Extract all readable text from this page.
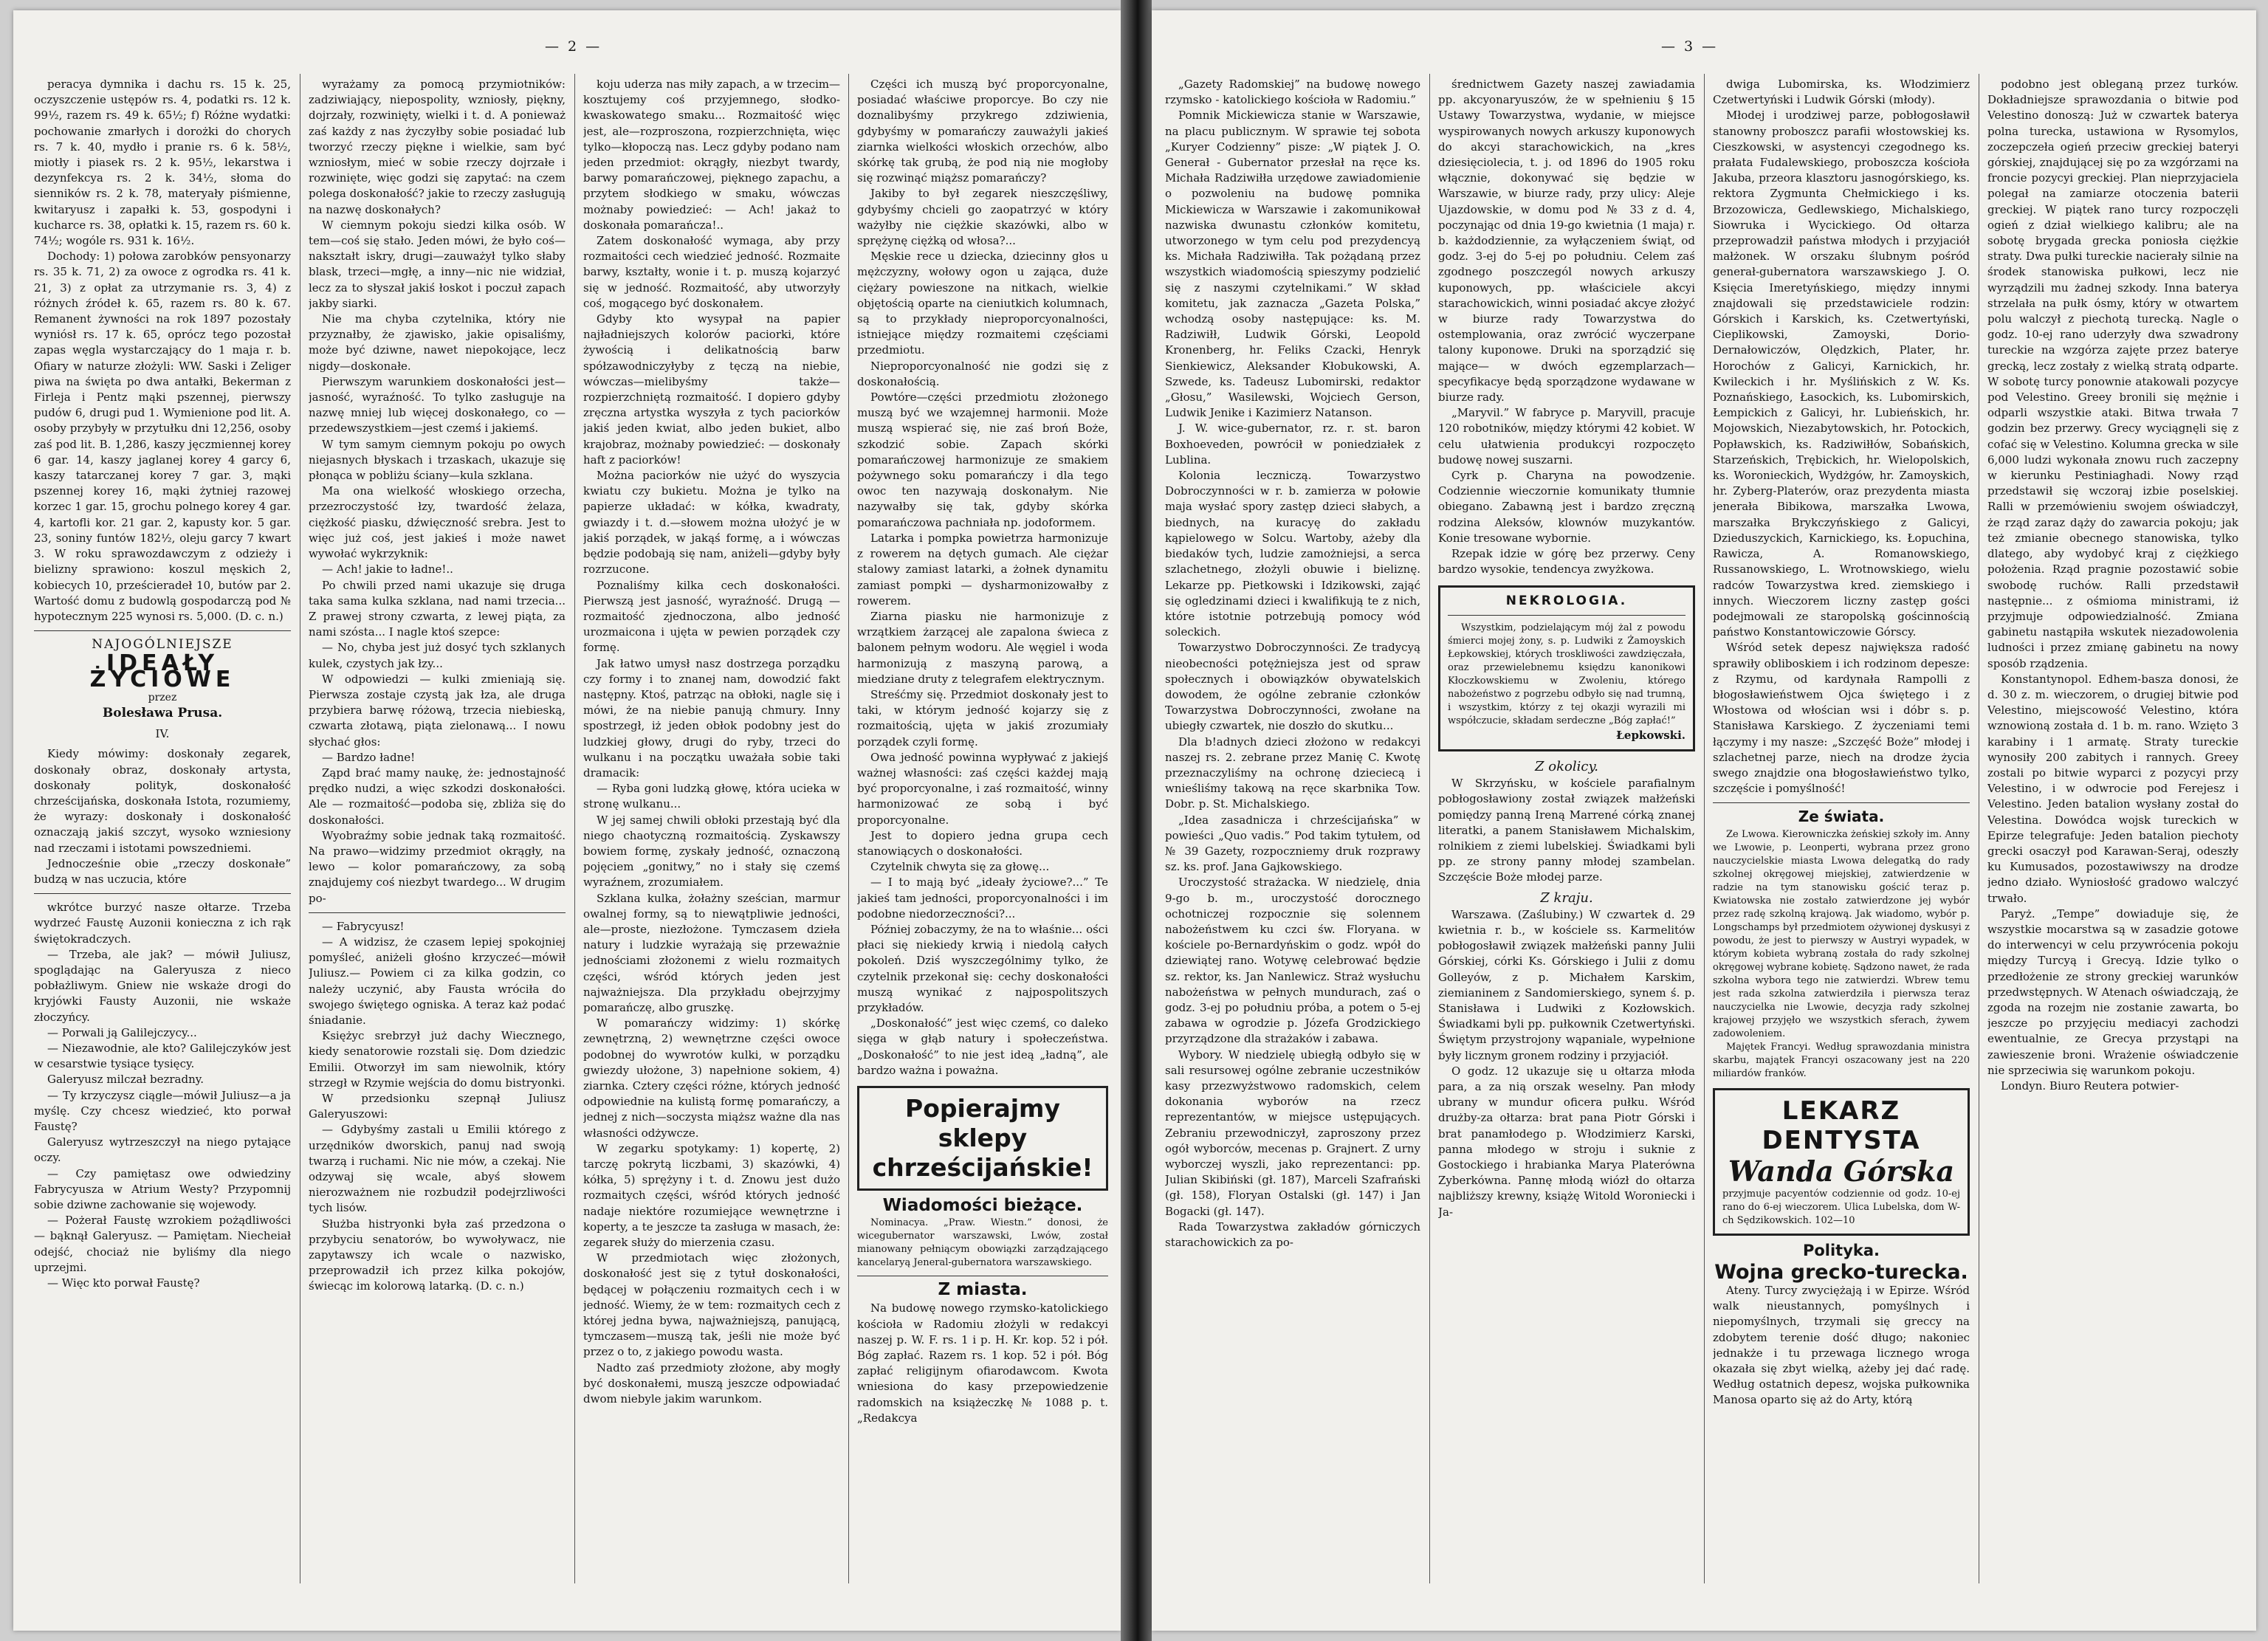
— 2 —

peracya dymnika i dachu rs. 15 k. 25, oczyszczenie ustępów rs. 4, podatki rs. 12 k. 99½, razem rs. 49 k. 65½; f) Różne wydatki: pochowanie zmarłych i dorożki do chorych rs. 7 k. 40, mydło i pranie rs. 6 k. 58½, miotły i piasek rs. 2 k. 95½, lekarstwa i dezynfekcya rs. 2 k. 34½, słoma do sienników rs. 2 k. 78, materyały piśmienne, kwitaryusz i zapałki k. 53, gospodyni i kucharce rs. 38, opłatki k. 15, razem rs. 60 k. 74½; wogóle rs. 931 k. 16½.

Dochody: 1) połowa zarobków pensyonarzy rs. 35 k. 71, 2) za owoce z ogrodka rs. 41 k. 21, 3) z opłat za utrzymanie rs. 3, 4) z różnych źródeł k. 65, razem rs. 80 k. 67. Remanent żywności na rok 1897 pozostały wyniósł rs. 17 k. 65, oprócz tego pozostał zapas węgla wystarczający do 1 maja r. b. Ofiary w naturze złożyli: WW. Saski i Zeliger piwa na święta po dwa antałki, Bekerman z Firleja i Pentz mąki pszennej, pierwszy pudów 6, drugi pud 1. Wymienione pod lit. A. osoby przybyły w przytułku dni 12,256, osoby zaś pod lit. B. 1,286, kaszy jęczmiennej korey 6 gar. 14, kaszy jaglanej korey 4 garcy 6, kaszy tatarczanej korey 7 gar. 3, mąki pszennej korey 16, mąki żytniej razowej korzec 1 gar. 15, grochu polnego korey 4 gar. 4, kartofli kor. 21 gar. 2, kapusty kor. 5 gar. 23, soniny funtów 182½, oleju garcy 7 kwart 3. W roku sprawozdawczym z odzieży i bielizny sprawiono: koszul męskich 2, kobiecych 10, prześcieradeł 10, butów par 2. Wartość domu z budowlą gospodarczą pod № hypotecznym 225 wynosi rs. 5,000. (D. c. n.)

NAJOGÓLNIEJSZE
IDEAŁY ŻYCIOWE
przez
Bolesława Prusa.
IV.

Kiedy mówimy: doskonały zegarek, doskonały obraz, doskonały artysta, doskonały polityk, doskonałość chrześcijańska, doskonała Istota, rozumiemy, że wyrazy: doskonały i doskonałość oznaczają jakiś szczyt, wysoko wzniesiony nad rzeczami i istotami powszedniemi.

Jednocześnie obie „rzeczy doskonałe” budzą w nas uczucia, które

wkrótce burzyć nasze ołtarze. Trzeba wydrzeć Faustę Auzonii konieczna z ich rąk świętokradczych.

— Trzeba, ale jak? — mówił Juliusz, spoglądając na Galeryusza z nieco pobłażliwym. Gniew nie wskaże drogi do kryjówki Fausty Auzonii, nie wskaże złoczyńcy.

— Porwali ją Galilejczycy...

— Niezawodnie, ale kto? Galilejczyków jest w cesarstwie tysiące tysięcy.

Galeryusz milczał bezradny.

— Ty krzyczysz ciągle—mówił Juliusz—a ja myślę. Czy chcesz wiedzieć, kto porwał Faustę?

Galeryusz wytrzeszczył na niego pytające oczy.

— Czy pamiętasz owe odwiedziny Fabrycyusza w Atrium Westy? Przypomnij sobie dziwne zachowanie się wojewody.

— Pożerał Faustę wzrokiem pożądliwości — bąknął Galeryusz. — Pamiętam. Niecheiał odejść, chociaż nie byliśmy dla niego uprzejmi.

— Więc kto porwał Faustę?

wyrażamy za pomocą przymiotników: zadziwiający, niepospolity, wzniosły, piękny, dojrzały, rozwinięty, wielki i t. d. A ponieważ zaś każdy z nas życzyłby sobie posiadać lub tworzyć rzeczy piękne i wielkie, sam być wzniosłym, mieć w sobie rzeczy dojrzałe i rozwinięte, więc godzi się zapytać: na czem polega doskonałość? jakie to rzeczy zasługują na nazwę doskonałych?

W ciemnym pokoju siedzi kilka osób. W tem—coś się stało. Jeden mówi, że było coś—nakształt iskry, drugi—zauważył tylko słaby blask, trzeci—mgłę, a inny—nic nie widział, lecz za to słyszał jakiś łoskot i poczuł zapach jakby siarki.

Nie ma chyba czytelnika, który nie przyznałby, że zjawisko, jakie opisaliśmy, może być dziwne, nawet niepokojące, lecz nigdy—doskonałe.

Pierwszym warunkiem doskonałości jest—jasność, wyraźność. To tylko zasługuje na nazwę mniej lub więcej doskonałego, co — przedewszystkiem—jest czemś i jakiemś.

W tym samym ciemnym pokoju po owych niejasnych błyskach i trzaskach, ukazuje się płonąca w pobliżu ściany—kula szklana.

Ma ona wielkość włoskiego orzecha, przezroczystość łzy, twardość żelaza, ciężkość piasku, dźwięczność srebra. Jest to więc już coś, jest jakieś i może nawet wywołać wykrzyknik:

— Ach! jakie to ładne!..

Po chwili przed nami ukazuje się druga taka sama kulka szklana, nad nami trzecia... Z prawej strony czwarta, z lewej piąta, za nami szósta... I nagle ktoś szepce:

— No, chyba jest już dosyć tych szklanych kulek, czystych jak łzy...

W odpowiedzi — kulki zmieniają się. Pierwsza zostaje czystą jak łza, ale druga przybiera barwę różową, trzecia niebieską, czwarta złotawą, piąta zielonawą... I nowu słychać głos:

— Bardzo ładne!

Ząpd brać mamy naukę, że: jednostajność prędko nudzi, a więc szkodzi doskonałości. Ale — rozmaitość—podoba się, zbliża się do doskonałości.

Wyobraźmy sobie jednak taką rozmaitość. Na prawo—widzimy przedmiot okrągły, na lewo — kolor pomarańczowy, za sobą znajdujemy coś niezbyt twardego... W drugim po-

— Fabrycyusz!

— A widzisz, że czasem lepiej spokojniej pomyśleć, aniżeli głośno krzyczeć—mówił Juliusz.— Powiem ci za kilka godzin, co należy uczynić, aby Fausta wróciła do swojego świętego ogniska. A teraz każ podać śniadanie.

Księżyc srebrzył już dachy Wiecznego, kiedy senatorowie rozstali się. Dom dziedzic Emilii. Otworzył im sam niewolnik, który strzegł w Rzymie wejścia do domu bistryonki.

W przedsionku szepnął Juliusz Galeryuszowi:

— Gdybyśmy zastali u Emilii którego z urzędników dworskich, panuj nad swoją twarzą i ruchami. Nic nie mów, a czekaj. Nie odzywaj się wcale, abyś słowem nierozważnem nie rozbudził podejrzliwości tych lisów.

Służba histryonki była zaś przedzona o przybyciu senatorów, bo wywoływacz, nie zapytawszy ich wcale o nazwisko, przeprowadził ich przez kilka pokojów, świecąc im kolorową latarką. (D. c. n.)

koju uderza nas miły zapach, a w trzecim—kosztujemy coś przyjemnego, słodko-kwaskowatego smaku... Rozmaitość więc jest, ale—rozproszona, rozpierzchnięta, więc tylko—kłopoczą nas. Lecz gdyby podano nam jeden przedmiot: okrągły, niezbyt twardy, barwy pomarańczowej, pięknego zapachu, a przytem słodkiego w smaku, wówczas możnaby powiedzieć: — Ach! jakaż to doskonała pomarańcza!..

Zatem doskonałość wymaga, aby przy rozmaitości cech wiedzieć jedność. Rozmaite barwy, kształty, wonie i t. p. muszą kojarzyć się w jedność. Rozmaitość, aby utworzyły coś, mogącego być doskonałem.

Gdyby kto wysypał na papier najładniejszych kolorów paciorki, które żywością i delikatnością barw spółzawodniczyłyby z tęczą na niebie, wówczas—mielibyśmy także—rozpierzchniętą rozmaitość. I dopiero gdyby zręczna artystka wyszyła z tych paciorków jakiś jeden kwiat, albo jeden bukiet, albo krajobraz, możnaby powiedzieć: — doskonały haft z paciorków!

Można paciorków nie użyć do wyszycia kwiatu czy bukietu. Można je tylko na papierze układać: w kółka, kwadraty, gwiazdy i t. d.—słowem można ułożyć je w jakiś porządek, w jakąś formę, a i wówczas będzie podobają się nam, aniżeli—gdyby były rozrzucone.

Poznaliśmy kilka cech doskonałości. Pierwszą jest jasność, wyraźność. Drugą — rozmaitość zjednoczona, albo jedność urozmaicona i ujęta w pewien porządek czy formę.

Jak łatwo umysł nasz dostrzega porządku czy formy i to znanej nam, dowodzić fakt następny. Ktoś, patrząc na obłoki, nagle się i mówi, że na niebie panują chmury. Inny spostrzegł, iż jeden obłok podobny jest do ludzkiej głowy, drugi do ryby, trzeci do wulkanu i na początku uważała sobie taki dramacik:

— Ryba goni ludzką głowę, która ucieka w stronę wulkanu...

W jej samej chwili obłoki przestają być dla niego chaotyczną rozmaitością. Zyskawszy bowiem formę, zyskały jedność, oznaczoną pojęciem „gonitwy,” no i stały się czemś wyraźnem, zrozumiałem.

Szklana kulka, żołażny sześcian, marmur owalnej formy, są to niewątpliwie jedności, ale—proste, niezłożone. Tymczasem dzieła natury i ludzkie wyrażają się przeważnie jednościami złożonemi z wielu rozmaitych części, wśród których jeden jest najważniejsza. Dla przykładu obejrzyjmy pomarańczę, albo gruszkę.

W pomarańczy widzimy: 1) skórkę zewnętrzną, 2) wewnętrzne części owoce podobnej do wywrotów kulki, w porządku gwiezdy ułożone, 3) napełnione sokiem, 4) ziarnka. Cztery części różne, których jedność odpowiednie na kulistą formę pomarańczy, a jednej z nich—soczysta miąższ ważne dla nas własności odżywcze.

W zegarku spotykamy: 1) kopertę, 2) tarczę pokrytą liczbami, 3) skazówki, 4) kółka, 5) sprężyny i t. d. Znowu jest dużo rozmaitych części, wśród których jedność nadaje niektóre rozumiejące wewnętrzne i koperty, a te jeszcze ta zasługa w masach, że: zegarek służy do mierzenia czasu.

W przedmiotach więc złożonych, doskonałość jest się z tytuł doskonałości, będącej w połączeniu rozmaitych cech i w jedność. Wiemy, że w tem: rozmaitych cech z której jedna bywa, najważniejszą, panującą, tymczasem—muszą tak, jeśli nie może być przez o to, z jakiego powodu wasta.

Nadto zaś przedmioty złożone, aby mogły być doskonałemi, muszą jeszcze odpowiadać dwom niebyle jakim warunkom.

Części ich muszą być proporcyonalne, posiadać właściwe proporcye. Bo czy nie doznalibyśmy przykrego zdziwienia, gdybyśmy w pomarańczy zauważyli jakieś ziarnka wielkości włoskich orzechów, albo skórkę tak grubą, że pod nią nie mogłoby się rozwinąć miąższ pomarańczy?

Jakiby to był zegarek nieszczęśliwy, gdybyśmy chcieli go zaopatrzyć w który ważyłby nie ciężkie skazówki, albo w sprężynę ciężką od włosa?...

Męskie rece u dziecka, dziecinny głos u mężczyzny, wołowy ogon u zająca, duże ciężary powieszone na nitkach, wielkie objętością oparte na cieniutkich kolumnach, są to przykłady nieproporcyonalności, istniejące między rozmaitemi częściami przedmiotu.

Nieproporcyonalność nie godzi się z doskonałością.

Powtóre—części przedmiotu złożonego muszą być we wzajemnej harmonii. Może muszą wspierać się, nie zaś broń Boże, szkodzić sobie. Zapach skórki pomarańczowej harmonizuje ze smakiem pożywnego soku pomarańczy i dla tego owoc ten nazywają doskonałym. Nie nazywałby się tak, gdyby skórka pomarańczowa pachniała np. jodoformem.

Latarka i pompka powietrza harmonizuje z rowerem na dętych gumach. Ale ciężar stalowy zamiast latarki, a żołnek dynamitu zamiast pompki — dysharmonizowałby z rowerem.

Ziarna piasku nie harmonizuje z wrzątkiem żarzącej ale zapalona świeca z balonem pełnym wodoru. Ale węgiel i woda harmonizują z maszyną parową, a miedziane druty z telegrafem elektrycznym.

Streśćmy się. Przedmiot doskonały jest to taki, w którym jedność kojarzy się z rozmaitością, ujęta w jakiś zrozumiały porządek czyli formę.

Owa jedność powinna wypływać z jakiejś ważnej własności: zaś części każdej mają być proporcyonalne, i zaś rozmaitość, winny harmonizować ze sobą i być proporcyonalne.

Jest to dopiero jedna grupa cech stanowiących o doskonałości.

Czytelnik chwyta się za głowę...

— I to mają być „ideały życiowe?...” Te jakieś tam jedności, proporcyonalności i im podobne niedorzeczności?...

Później zobaczymy, że na to właśnie... ości płaci się niekiedy krwią i niedolą całych pokoleń. Dziś wyszczególnimy tylko, że czytelnik przekonał się: cechy doskonałości muszą wynikać z najpospolitszych przykładów.

„Doskonałość” jest więc czemś, co daleko sięga w głąb natury i społeczeństwa. „Doskonałość” to nie jest ideą „ładną”, ale bardzo ważna i poważna.

Popierajmy sklepy chrześcijańskie!
Wiadomości bieżące.

Nominacya. „Praw. Wiestn.” donosi, że wicegubernator warszawski, Lwów, został mianowany pełniącym obowiązki zarządzającego kancelaryą Jeneral-gubernatora warszawskiego.

Z miasta.

Na budowę nowego rzymsko-katolickiego kościoła w Radomiu złożyli w redakcyi naszej p. W. F. rs. 1 i p. H. Kr. kop. 52 i pół. Bóg zapłać. Razem rs. 1 kop. 52 i pół. Bóg zapłać religijnym ofiarodawcom. Kwota wniesiona do kasy przepowiedzenie radomskich na książeczkę № 1088 p. t. „Redakcya

— 3 —

„Gazety Radomskiej” na budowę nowego rzymsko - katolickiego kościoła w Radomiu.”

Pomnik Mickiewicza stanie w Warszawie, na placu publicznym. W sprawie tej sobota „Kuryer Codzienny” pisze: „W piątek J. O. Generał - Gubernator przesłał na ręce ks. Michała Radziwiłła urzędowe zawiadomienie o pozwoleniu na budowę pomnika Mickiewicza w Warszawie i zakomunikował nazwiska dwunastu członków komitetu, utworzonego w tym celu pod prezydencyą ks. Michała Radziwiłła. Tak pożądaną przez wszystkich wiadomością spieszymy podzielić się z naszymi czytelnikami.” W skład komitetu, jak zaznacza „Gazeta Polska,” wchodzą osoby następujące: ks. M. Radziwiłł, Ludwik Górski, Leopold Kronenberg, hr. Feliks Czacki, Henryk Sienkiewicz, Aleksander Kłobukowski, A. Szwede, ks. Tadeusz Lubomirski, redaktor „Głosu,” Wasilewski, Wojciech Gerson, Ludwik Jenike i Kazimierz Natanson.

J. W. wice-gubernator, rz. r. st. baron Boxhoeveden, powrócił w poniedziałek z Lublina.

Kolonia leczniczą. Towarzystwo Dobroczynności w r. b. zamierza w połowie maja wysłać spory zastęp dzieci słabych, a biednych, na kuracyę do zakładu kąpielowego w Solcu. Wartoby, ażeby dla biedaków tych, ludzie zamożniejsi, a serca szlachetnego, złożyli obuwie i bieliznę. Lekarze pp. Pietkowski i Idzikowski, zająć się ogledzinami dzieci i kwalifikują te z nich, które istotnie potrzebują pomocy wód soleckich.

Towarzystwo Dobroczynności. Ze tradycyą nieobecności potężniejsza jest od spraw społecznych i obowiązków obywatelskich dowodem, że ogólne zebranie członków Towarzystwa Dobroczynności, zwołane na ubiegły czwartek, nie doszło do skutku...

Dla b!adnych dzieci złożono w redakcyi naszej rs. 2. zebrane przez Manię C. Kwotę przeznaczyliśmy na ochronę dzieciecą i wnieśliśmy takową na ręce skarbnika Tow. Dobr. p. St. Michalskiego.

„Idea zasadnicza i chrześcijańska” w powieści „Quo vadis.” Pod takim tytułem, od № 39 Gazety, rozpoczniemy druk rozprawy sz. ks. prof. Jana Gajkowskiego.

Uroczystość strażacka. W niedzielę, dnia 9-go b. m., uroczystość dorocznego ochotniczej rozpocznie się solennem nabożeństwem ku czci św. Floryana. w kościele po-Bernardyńskim o godz. wpół do dziewiątej rano. Wotywę celebrować będzie sz. rektor, ks. Jan Nanlewicz. Straż wysłuchu nabożeństwa w pełnych mundurach, zaś o godz. 3-ej po południu próba, a potem o 5-ej zabawa w ogrodzie p. Józefa Grodzickiego przyrządzone dla strażaków i zabawa.

Wybory. W niedzielę ubiegłą odbyło się w sali resursowej ogólne zebranie uczestników kasy przezwyżstwowo radomskich, celem dokonania wyborów na rzecz reprezentantów, w miejsce ustępujących. Zebraniu przewodniczył, zaproszony przez ogół wyborców, mecenas p. Grajnert. Z urny wyborczej wyszli, jako reprezentanci: pp. Julian Skibiński (gł. 187), Marceli Szafrański (gł. 158), Floryan Ostalski (gł. 147) i Jan Bogacki (gł. 147).

Rada Towarzystwa zakładów górniczych starachowickich za po-

średnictwem Gazety naszej zawiadamia pp. akcyonaryuszów, że w spełnieniu § 15 Ustawy Towarzystwa, wydanie, w miejsce wyspirowanych nowych arkuszy kuponowych do akcyi starachowickich, na „kres dziesięciolecia, t. j. od 1896 do 1905 roku włącznie, dokonywać się będzie w Warszawie, w biurze rady, przy ulicy: Aleje Ujazdowskie, w domu pod № 33 z d. 4, poczynając od dnia 19-go kwietnia (1 maja) r. b. każdodziennie, za wyłączeniem świąt, od godz. 3-ej do 5-ej po południu. Celem zaś zgodnego poszczegól nowych arkuszy kuponowych, pp. właściciele akcyi starachowickich, winni posiadać akcye złożyć w biurze rady Towarzystwa do ostemplowania, oraz zwrócić wyczerpane talony kuponowe. Druki na sporządzić się mające— w dwóch egzemplarzach—specyfikacye będą sporządzone wydawane w biurze rady.

„Maryvil.” W fabryce p. Maryvill, pracuje 120 robotników, między którymi 42 kobiet. W celu ułatwienia produkcyi rozpoczęto budowę nowej suszarni.

Cyrk p. Charyna na powodzenie. Codziennie wieczornie komunikaty tłumnie obiegano. Zabawną jest i bardzo zręczną rodzina Aleksów, klownów muzykantów. Konie tresowane wybornie.

Rzepak idzie w górę bez przerwy. Ceny bardzo wysokie, tendencya zwyżkowa.

NEKROLOGIA.

Wszystkim, podzielającym mój żal z powodu śmierci mojej żony, s. p. Ludwiki z Żamoyskich Łepkowskiej, których troskliwości zawdzięczała, oraz przewielebnemu księdzu kanonikowi Kłoczkowskiemu w Zwoleniu, którego nabożeństwo z pogrzebu odbyło się nad trumną, i wszystkim, którzy z tej okazji wyrazili mi współczucie, składam serdeczne „Bóg zapłać!”

Łepkowski.
Z okolicy.

W Skrzyńsku, w kościele parafialnym pobłogosławiony został związek małżeński pomiędzy panną Ireną Marrené córką znanej literatki, a panem Stanisławem Michalskim, rolnikiem z ziemi lubelskiej. Świadkami byli pp. ze strony panny młodej szambelan. Szczęście Boże młodej parze.

Z kraju.

Warszawa. (Zaślubiny.) W czwartek d. 29 kwietnia r. b., w kościele ss. Karmelitów pobłogosławił związek małżeński panny Julii Górskiej, córki Ks. Górskiego i Julii z domu Golleyów, z p. Michałem Karskim, ziemianinem z Sandomierskiego, synem ś. p. Stanisława i Ludwiki z Kozłowskich. Świadkami byli pp. pułkownik Czetwertyński. Świętym przystrojony wąpaniale, wypełnione były licznym gronem rodziny i przyjaciół.

O godz. 12 ukazuje się u ołtarza młoda para, a za nią orszak weselny. Pan młody ubrany w mundur oficera pułku. Wśród drużby-za ołtarza: brat pana Piotr Górski i brat panamłodego p. Włodzimierz Karski, panna młodego w stroju i suknie z Gostockiego i hrabianka Marya Platerówna Zyberkówna. Pannę młodą wiózł do ołtarza najbliższy krewny, książę Witold Woroniecki i Ja-

dwiga Lubomirska, ks. Włodzimierz Czetwertyński i Ludwik Górski (młody).

Młodej i urodziwej parze, pobłogosławił stanowny proboszcz parafii włostowskiej ks. Cieszkowski, w asystencyi czegodnego ks. prałata Fudalewskiego, proboszcza kościoła Jakuba, przeora klasztoru jasnogórskiego, ks. rektora Zygmunta Chełmickiego i ks. Brzozowicza, Gedlewskiego, Michalskiego, Siowruka i Wycickiego. Od ołtarza przeprowadził państwa młodych i przyjaciół małżonek. W orszaku ślubnym pośród generał-gubernatora warszawskiego J. O. Księcia Imeretyńskiego, między innymi znajdowali się przedstawiciele rodzin: Górskich i Karskich, ks. Czetwertyński, Cieplikowski, Zamoyski, Dorio-Dernałowiczów, Olędzkich, Plater, hr. Horochów z Galicyi, Karnickich, hr. Kwileckich i hr. Myślińskich z W. Ks. Poznańskiego, Łasockich, ks. Lubomirskich, Łempickich z Galicyi, hr. Lubieńskich, hr. Mojowskich, Niezabytowskich, hr. Potockich, Popławskich, ks. Radziwiłłów, Sobańskich, Starzeńskich, Trębickich, hr. Wielopolskich, ks. Woronieckich, Wydżgów, hr. Zamoyskich, hr. Zyberg-Platerów, oraz prezydenta miasta jenerała Bibikowa, marszałka Lwowa, marszałka Brykczyńskiego z Galicyi, Dzieduszyckich, Karnickiego, ks. Łopuchina, Rawicza, A. Romanowskiego, Russanowskiego, L. Wrotnowskiego, wielu radców Towarzystwa kred. ziemskiego i innych. Wieczorem liczny zastęp gości podejmowali ze staropolską gościnnością państwo Konstantowiczowie Górscy.

Wśród setek depesz największa radość sprawiły obliboskiem i ich rodzinom depesze: z Rzymu, od kardynała Rampolli z błogosławieństwem Ojca świętego i z Włostowa od włościan wsi i dóbr s. p. Stanisława Karskiego. Z życzeniami temi łączymy i my nasze: „Szczęść Boże” młodej i szlachetnej parze, niech na drodze życia swego znajdzie ona błogosławieństwo tylko, szczęście i pomyślność!

Ze świata.

Ze Lwowa. Kierowniczka żeńskiej szkoły im. Anny we Lwowie, p. Leonperti, wybrana przez grono nauczycielskie miasta Lwowa delegatką do rady szkolnej okręgowej miejskiej, zatwierdzenie w radzie na tym stanowisku gościć teraz p. Kwiatowska nie zostało zatwierdzone jej wybór przez radę szkolną krajową. Jak wiadomo, wybór p. Longschamps był przedmiotem ożywionej dyskusyi z powodu, że jest to pierwszy w Austryi wypadek, w którym kobieta wybraną została do rady szkolnej okręgowej wybrane kobietę. Sądzono nawet, że rada szkolna wybora tego nie zatwierdzi. Wbrew temu jest rada szkolna zatwierdziła i pierwsza teraz nauczycielka nie Lwowie, decyzja rady szkolnej krajowej przyjęło we wszystkich sferach, żywem zadowoleniem.

Majętek Francyi. Według sprawozdania ministra skarbu, majątek Francyi oszacowany jest na 220 miliardów franków.

LEKARZ DENTYSTA
Wanda Górska

przyjmuje pacyentów codziennie od godz. 10-ej rano do 6-ej wieczorem. Ulica Lubelska, dom W-ch Sędzikowskich. 102—10

Polityka.
Wojna grecko-turecka.

Ateny. Turcy zwyciężają i w Epirze. Wśród walk nieustannych, pomyślnych i niepomyślnych, trzymali się greccy na zdobytem terenie dość długo; nakoniec jednakże i tu przewaga licznego wroga okazała się zbyt wielką, ażeby jej dać radę. Według ostatnich depesz, wojska pułkownika Manosa oparto się aż do Arty, którą

podobno jest obleganą przez turków. Dokładniejsze sprawozdania o bitwie pod Velestino donoszą: Już w czwartek baterya polna turecka, ustawiona w Rysomylos, zoczepczeła ogień przeciw greckiej bateryi górskiej, znajdującej się po za wzgórzami na froncie pozycyi greckiej. Plan nieprzyjaciela polegał na zamiarze otoczenia baterii greckiej. W piątek rano turcy rozpoczęli ogień z dział wielkiego kalibru; ale na sobotę brygada grecka poniosła ciężkie straty. Dwa pułki tureckie nacierały silnie na środek stanowiska pułkowi, lecz nie wyrządzili mu żadnej szkody. Inna baterya strzelała na pułk ósmy, który w otwartem polu walczył z piechotą turecką. Nagle o godz. 10-ej rano uderzyły dwa szwadrony tureckie na wzgórza zajęte przez baterye grecką, lecz zostały z wielką stratą odparte. W sobotę turcy ponownie atakowali pozycye pod Velestino. Greey bronili się mężnie i odparli wszystkie ataki. Bitwa trwała 7 godzin bez przerwy. Grecy wyciągnęli się z cofać się w Velestino. Kolumna grecka w sile 6,000 ludzi wykonała znowu ruch zaczepny w kierunku Pestiniaghadi. Nowy rząd przedstawił się wczoraj izbie poselskiej. Ralli w przemówieniu swojem oświadczył, że rząd zaraz dąży do zawarcia pokoju; jak też zmianie obecnego stanowiska, tylko dlatego, aby wydobyć kraj z ciężkiego położenia. Rząd pragnie pozostawić sobie swobodę ruchów. Ralli przedstawił następnie... z ośmioma ministrami, iż przyjmuje odpowiedzialność. Zmiana gabinetu nastąpiła wskutek niezadowolenia ludności i przez zmianę gabinetu na nowy sposób rządzenia.

Konstantynopol. Edhem-basza donosi, że d. 30 z. m. wieczorem, o drugiej bitwie pod Velestino, miejscowość Velestino, która wznowioną została d. 1 b. m. rano. Wzięto 3 karabiny i 1 armatę. Straty tureckie wynosiły 200 zabitych i rannych. Greey zostali po bitwie wyparci z pozycyi przy Velestino, i w odwrocie pod Ferejesz i Velestino. Jeden batalion wysłany został do Velestina. Dowódca wojsk tureckich w Epirze telegrafuje: Jeden batalion piechoty grecki osaczył pod Karawan-Seraj, odeszły ku Kumusados, pozostawiwszy na drodze jedno działo. Wyniosłość gradowo walczyć trwało.

Paryż. „Tempe” dowiaduje się, że wszystkie mocarstwa są w zasadzie gotowe do interwencyi w celu przywrócenia pokoju między Turcyą i Grecyą. Idzie tylko o przedłożenie ze strony greckiej warunków przedwstępnych. W Atenach oświadczają, że zgoda na rozejm nie zostanie zawarta, bo jeszcze po przyjęciu mediacyi zachodzi ewentualnie, ze Grecya przystąpi na zawieszenie broni. Wrażenie oświadczenie nie sprzeciwia się warunkom pokoju.

Londyn. Biuro Reutera potwier-
